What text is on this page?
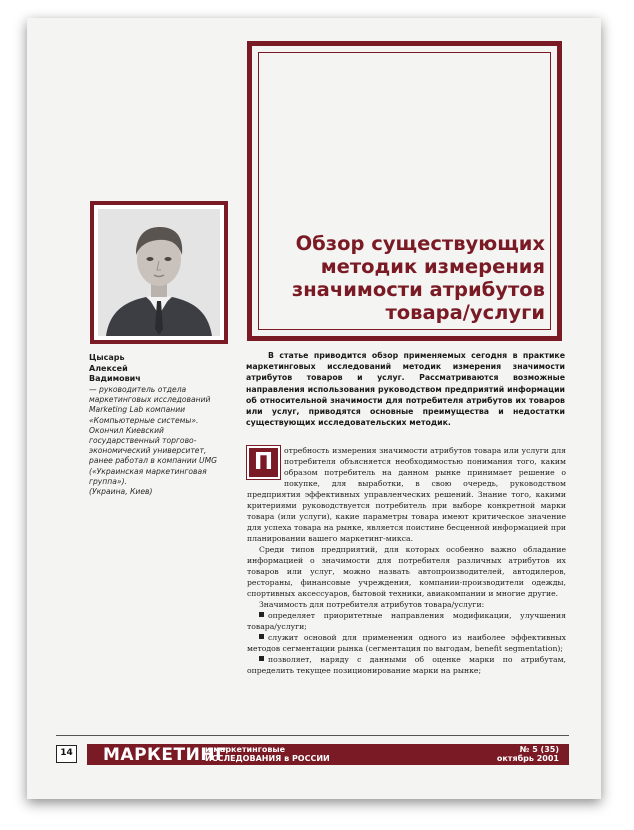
Обзор существующих
методик измерения
значимости атрибутов
товара/услуги
Цысарь
Алексей
Вадимович
— руководитель отдела маркетинговых исследований Marketing Lab компании «Компьютерные системы». Окончил Киевский государственный торгово-экономический университет, ранее работал в компании UMG («Украинская маркетинговая группа»).
(Украина, Киев)
В статье приводится обзор применяемых сегодня в практике маркетинговых исследований методик измерения значимости атрибутов товаров и услуг. Рассматриваются возможные направления использования руководством предприятий информации об относительной значимости для потребителя атрибутов их товаров или услуг, приводятся основные преимущества и недостатки существующих исследовательских методик.
П	отребность измерения значимости атрибутов товара или услуги для потребителя объясняется необходимостью понимания того, каким образом потребитель на данном рынке принимает решение о покупке, для выработки, в свою очередь, руководством предприятия эффективных управленческих решений. Знание того, какими критериями руководствуется потребитель при выборе конкретной марки товара (или услуги), какие параметры товара имеют критическое значение для успеха товара на рынке, является поистине бесценной информацией при планировании вашего маркетинг-микса.

Среди типов предприятий, для которых особенно важно обладание информацией о значимости для потребителя различных атрибутов их товаров или услуг, можно назвать автопроизводителей, автодилеров, рестораны, финансовые учреждения, компании-производители одежды, спортивных аксессуаров, бытовой техники, авиакомпании и многие другие.

Значимость для потребителя атрибутов товара/услуги:

определяет приоритетные направления модификации, улучшения товара/услуги;

служит основой для применения одного из наиболее эффективных методов сегментации рынка (сегментация по выгодам, benefit segmentation);

позволяет, наряду с данными об оценке марки по атрибутам, определить текущее позиционирование марки на рынке;

14 МАРКЕТИНГ
и маркетинговые
ИССЛЕДОВАНИЯ в РОССИИ
№ 5 (35)
октябрь 2001
